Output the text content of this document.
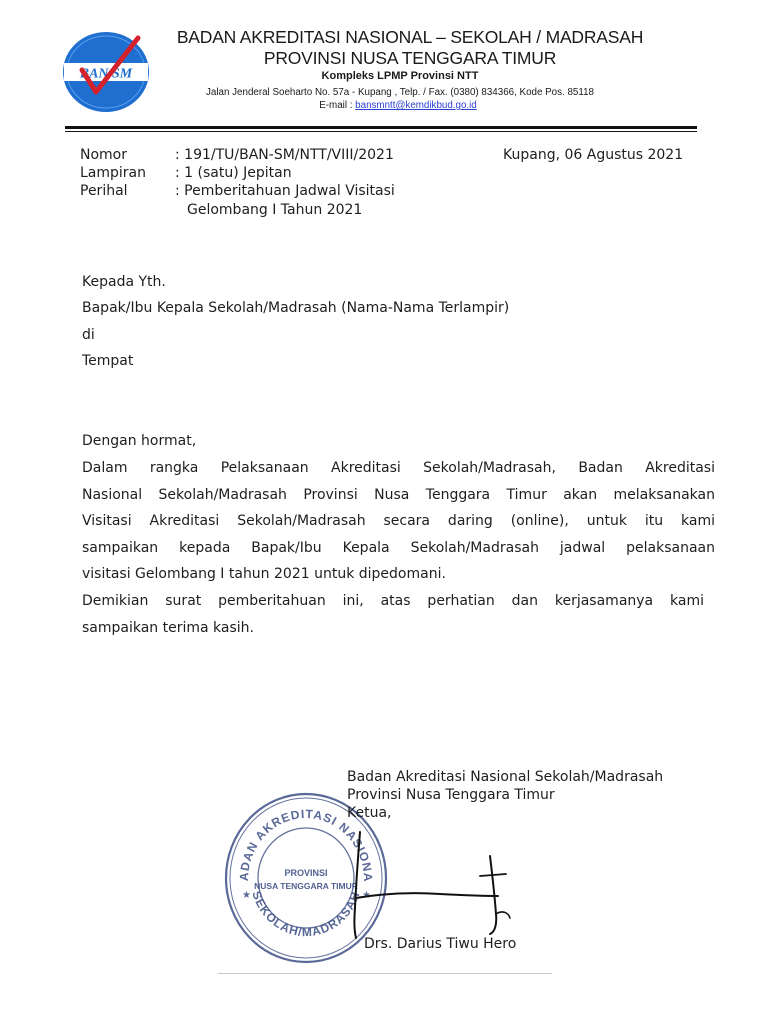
BAN SM
BADAN AKREDITASI NASIONAL – SEKOLAH / MADRASAH
PROVINSI NUSA TENGGARA TIMUR
Kompleks LPMP Provinsi NTT
Jalan Jenderal Soeharto No. 57a - Kupang , Telp. / Fax. (0380) 834366, Kode Pos. 85118
E-mail : bansmntt@kemdikbud.go.id
Nomor	: 191/TU/BAN-SM/NTT/VIII/2021
Lampiran : 1 (satu) Jepitan
Perihal	: Pemberitahuan Jadwal Visitasi
Gelombang I Tahun 2021
Kupang, 06 Agustus 2021
Kepada Yth.
Bapak/Ibu Kepala Sekolah/Madrasah (Nama-Nama Terlampir)
di
Tempat
Dengan hormat,
Dalam rangka Pelaksanaan Akreditasi Sekolah/Madrasah, Badan Akreditasi
Nasional Sekolah/Madrasah Provinsi Nusa Tenggara Timur akan melaksanakan
Visitasi Akreditasi Sekolah/Madrasah secara daring (online), untuk itu kami
sampaikan kepada Bapak/Ibu Kepala Sekolah/Madrasah jadwal pelaksanaan
visitasi Gelombang I tahun 2021 untuk dipedomani.
Demikian surat pemberitahuan ini, atas perhatian dan kerjasamanya kami
sampaikan terima kasih.
ADAN AKREDITASI NASIONA
SEKOLAH/MADRASAH
★	★
PROVINSI
NUSA TENGGARA TIMUR
Badan Akreditasi Nasional Sekolah/Madrasah
Provinsi Nusa Tenggara Timur
Ketua,
Drs. Darius Tiwu Hero
